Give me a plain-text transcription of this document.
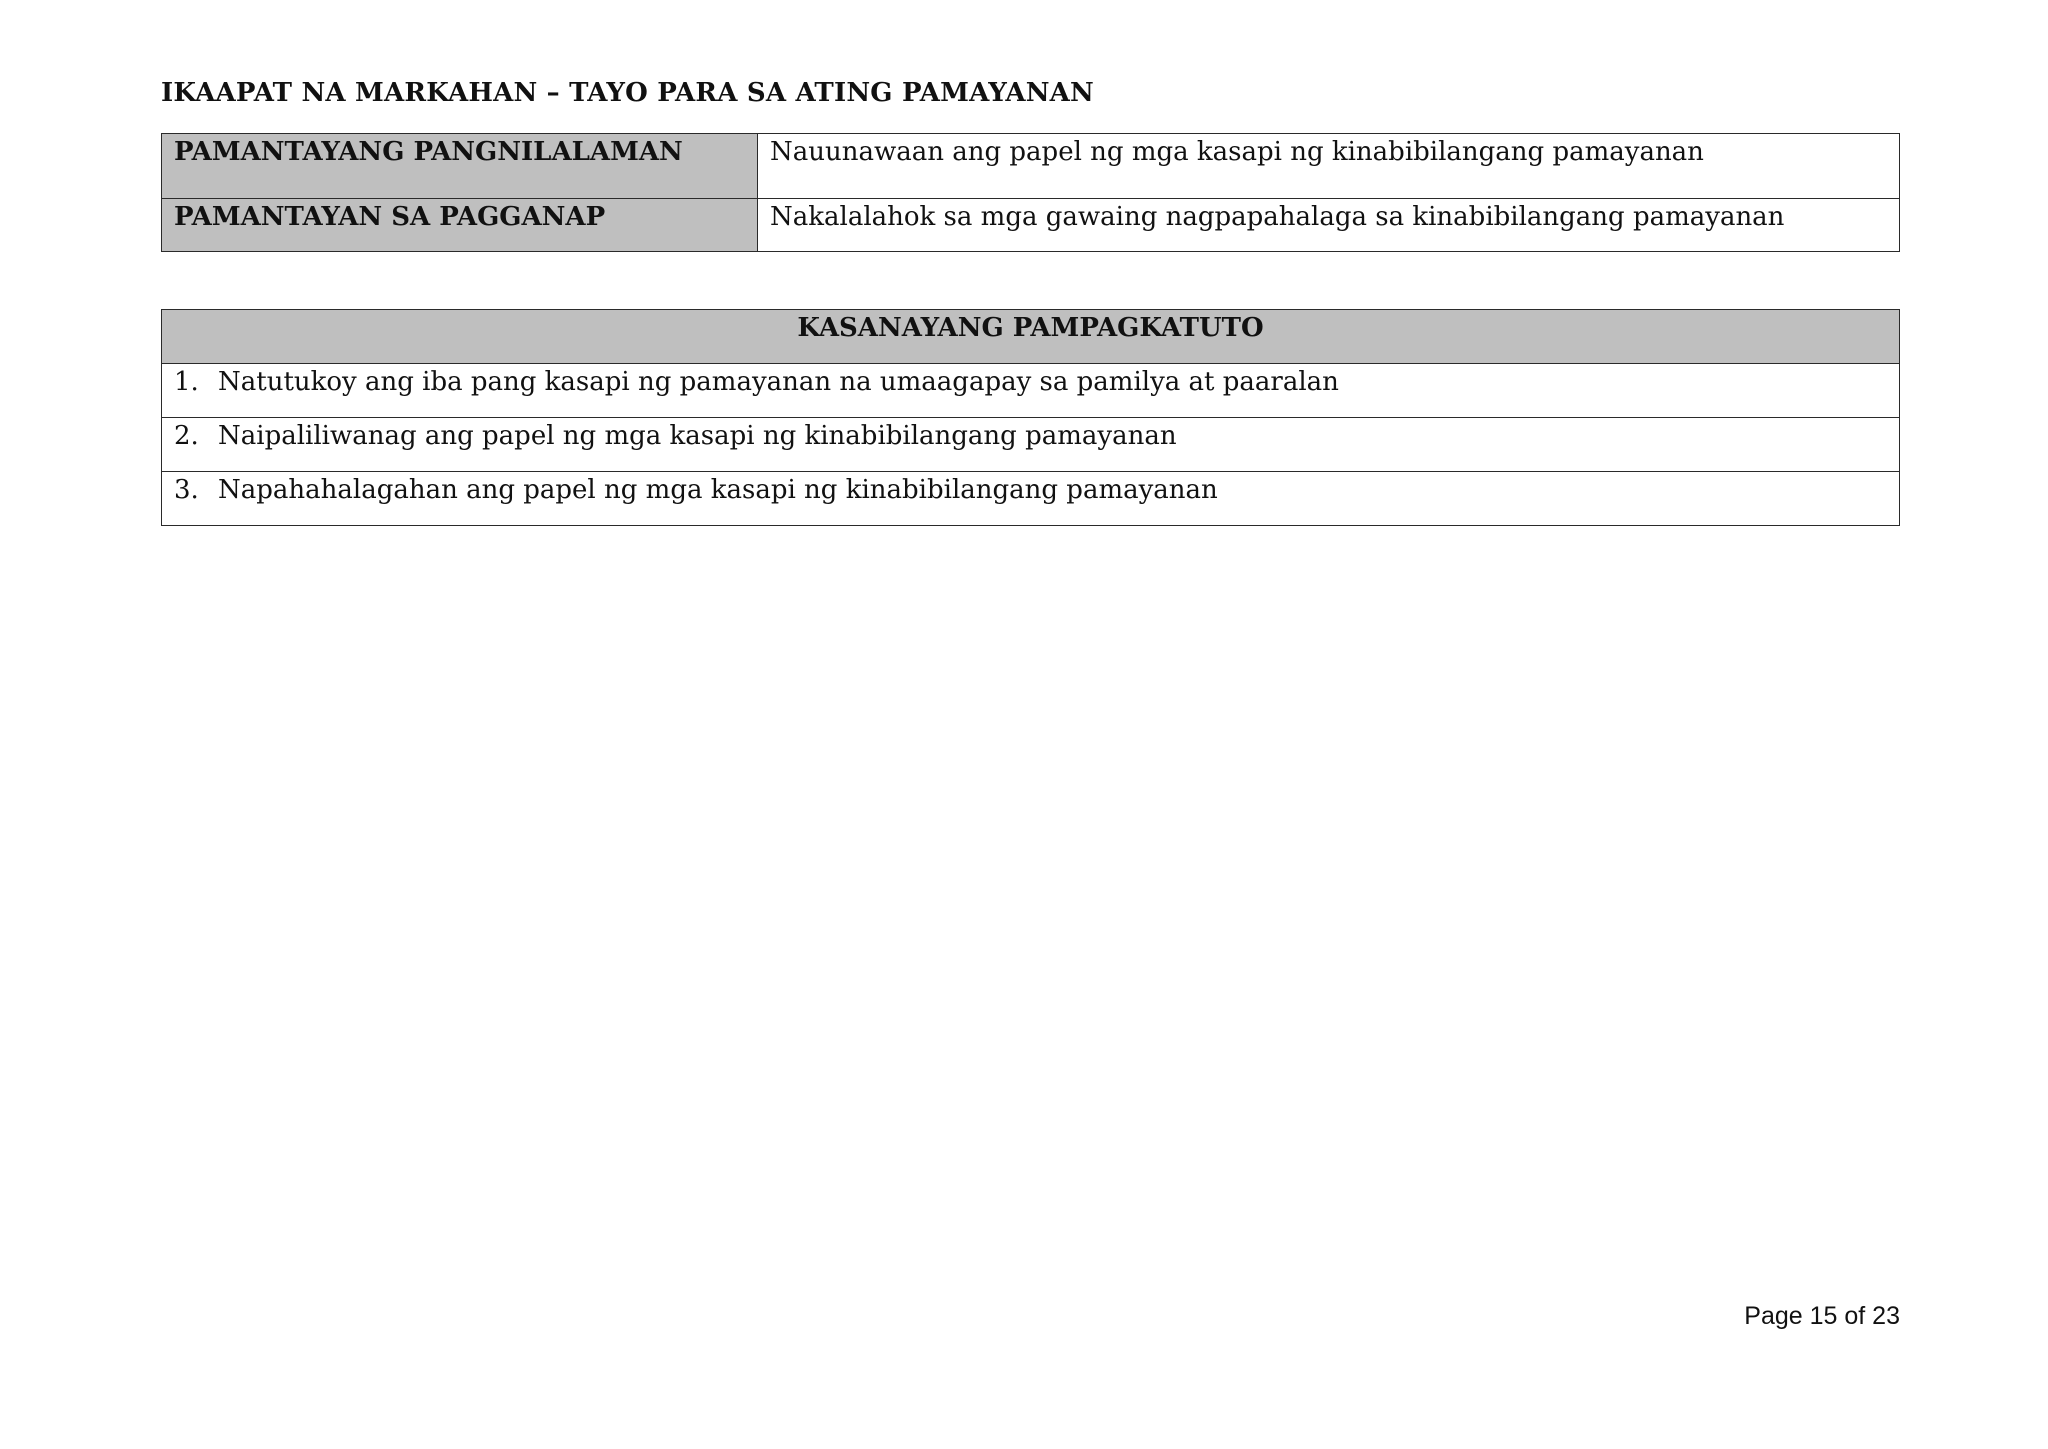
IKAAPAT NA MARKAHAN – TAYO PARA SA ATING PAMAYANAN
PAMANTAYANG PANGNILALAMAN	Nauunawaan ang papel ng mga kasapi ng kinabibilangang pamayanan
PAMANTAYAN SA PAGGANAP	Nakalalahok sa mga gawaing nagpapahalaga sa kinabibilangang pamayanan
KASANAYANG PAMPAGKATUTO
1. Natutukoy ang iba pang kasapi ng pamayanan na umaagapay sa pamilya at paaralan
2. Naipaliliwanag ang papel ng mga kasapi ng kinabibilangang pamayanan
3. Napahahalagahan ang papel ng mga kasapi ng kinabibilangang pamayanan
Page 15 of 23
